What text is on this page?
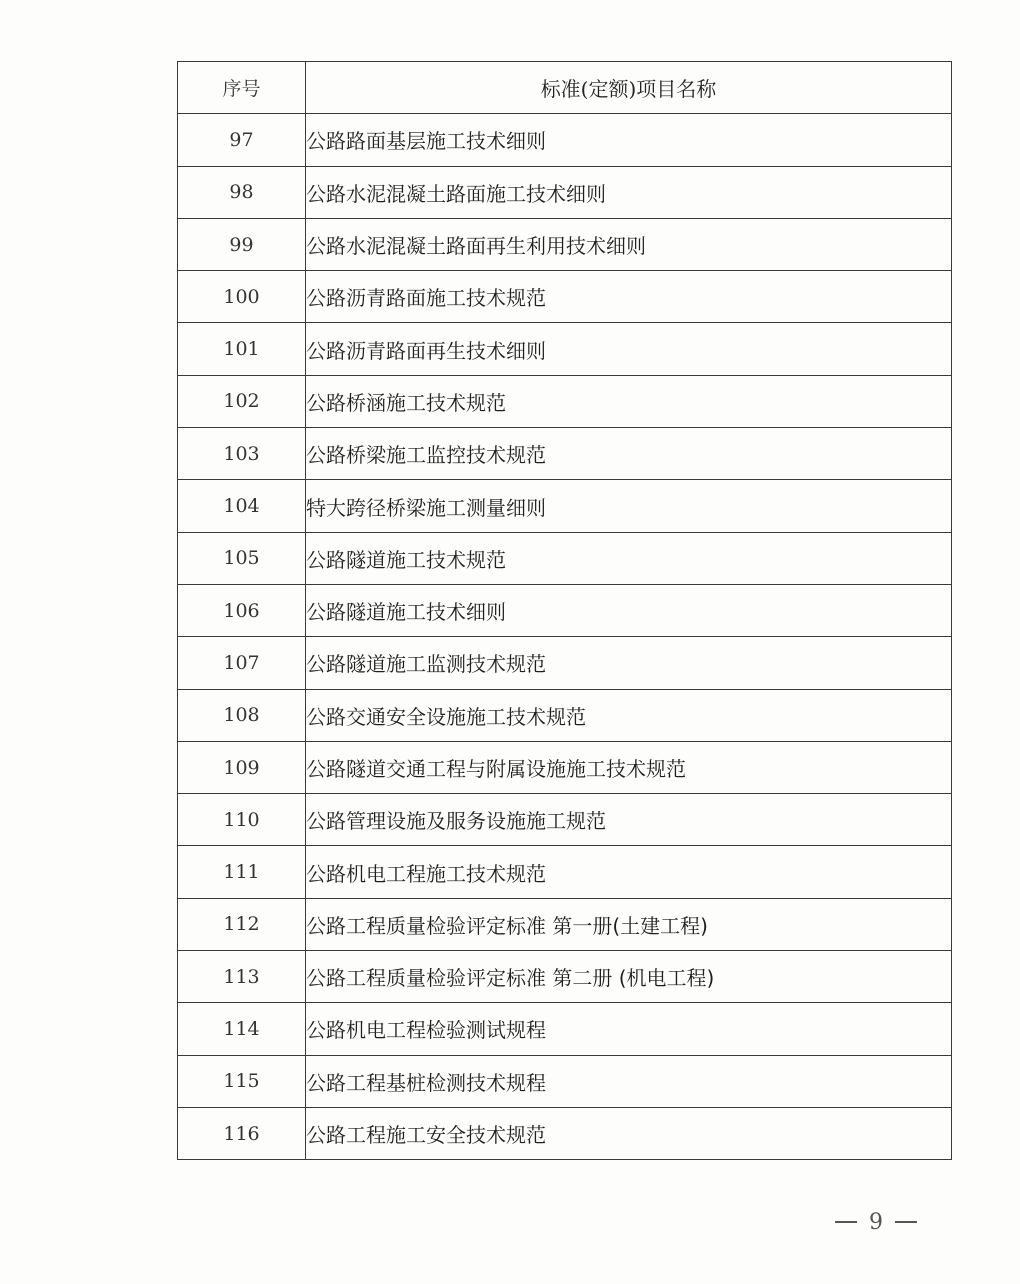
序号	标准(定额)项目名称
97	公路路面基层施工技术细则
98	公路水泥混凝土路面施工技术细则
99	公路水泥混凝土路面再生利用技术细则
100	公路沥青路面施工技术规范
101	公路沥青路面再生技术细则
102	公路桥涵施工技术规范
103	公路桥梁施工监控技术规范
104	特大跨径桥梁施工测量细则
105	公路隧道施工技术规范
106	公路隧道施工技术细则
107	公路隧道施工监测技术规范
108	公路交通安全设施施工技术规范
109	公路隧道交通工程与附属设施施工技术规范
110	公路管理设施及服务设施施工规范
111	公路机电工程施工技术规范
112	公路工程质量检验评定标准 第一册(土建工程)
113	公路工程质量检验评定标准 第二册 (机电工程)
114	公路机电工程检验测试规程
115	公路工程基桩检测技术规程
116	公路工程施工安全技术规范
9
